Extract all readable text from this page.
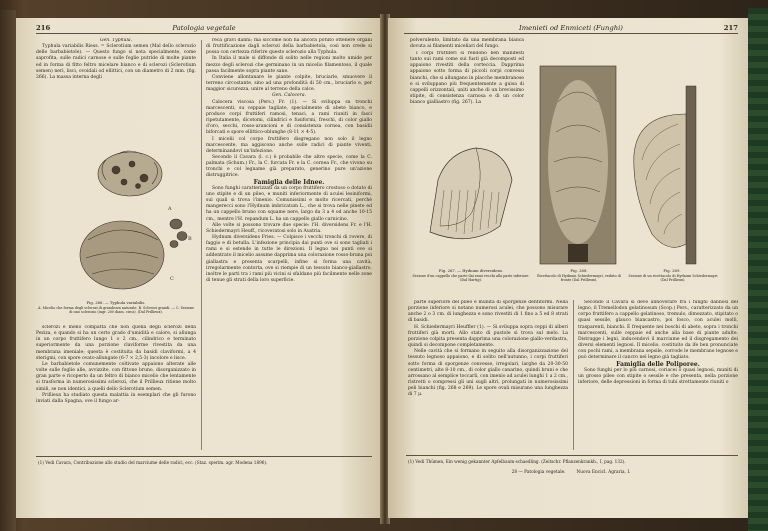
216	Patologia vegetale

Gen. Typhula.

Typhula variabilis Riess. = Sclerotium semen (Mal dello sclerozio delle barbabietole). — Questo fungo si nota specialmente, come saprofita, sulle radici carnose e sulle foglie putride di molte piante ed in forma di fitto feltro micelare bianco e di sclerozi (Sclerotium semen) neri, lisci, ovoidali od ellittici, con un diametro di 2 mm. (fig. 266). La massa interna degli

A
B
C
Fig. 266. — Typhula variabilis.
A. Micelio che forma degli sclerozi di grandezza naturale. B. Sclerozi grandi. — C. Sezione di uno sclerozio (ingr. 200 diam. circa). (Dal Prillieux).

sclerozi è meno compatta che non quella degli sclerozi della Peziza, e quando si ha un certo grado d'umidità e calore, si allunga in un corpo fruttifero lungo 1 o 2 cm., cilindrico e terminato superiormente da una porzione claviforme rivestita da una membrana imeniale; questa è costituita da basidi claviformi, a 4 sterigmi, con spore ovato-allungate (6-7 × 2,5-3) incolore e lisce.

Le barbabietole comunemente coltivate appaiono alterate alle volte sulle foglie alle, avvizzite, con fittone bruno, disorganizzato in gran parte e ricoperto da un feltro di bianco micelio che lentamente si trasforma in numerosissimi sclerozi, che il Prillieux ritiene molto simili, se non identici, a quelli dello Sclerotium semen.

Prillieux ha studiato questa malattia in esemplari che gli furono inviati dalla Spagna, ove il fungo ar-

reca gravi danni; ma siccome non ha ancora potuto ottenere organi di fruttificazione dagli sclerozi della barbabietola, così non crede si possa con certezza riferire questo sclerozio alla Typhula.

In Italia il male si diffonde di solito nelle regioni molto umide per mezzo degli sclerozi che germinano in un micelio filamentoso, il quale passa facilmente sopra piante sane.

Conviene allontanare le piante colpite, bruciarle, smuovere il terreno circostante, sino ad una profondità di 50 cm., bruciarlo e, per maggior sicurezza, unire al terreno della calce.

Gen. Calocera.

Calocera viscosa (Pers.) Fr. (1). — Si sviluppa su tronchi marcescenti, su ceppaie tagliate, specialmente di abete bianco, e produce corpi fruttiferi ramosi, tenaci, a rami riuniti in fasci ripetutamente, dicotomi, cilindrici e fusiformi, freschi, di color giallo d'oro, secchi, rosso-arancioni e di consistenza cornea, con basidii biforcati e spore ellittico-oblunghe (8-11 × 4-5).

I micelii col corpo fruttifero disgregano non solo il legno marcescente, ma aggiscono anche sulle radici di piante viventi, determinandovi un'infezione.

Secondo il Cavara (l. c.) è probabile che altre specie, come la C. palmata (Schum.) Fr., la C. furcata Fr. e la C. cornea Fr., che vivono su tronchi e col legname già preparato, generino pure un'azione distruggitrice.

Famiglia delle Idnee.

Sono funghi caratterizzati da un corpo fruttifero crostoso o dotato di uno stipite e di un pileo, e muniti inferiormente di aculei lesiniformi, sui quali si trova l'imenio. Comunissimi e molto ricercati, perchè mangerecci sono l'Hydnum imbricatum L., che si trova nelle pinete ed ha un cappello bruno con squame nere, largo da 3 a 4 od anche 10-15 cm., mentre l'H. repandum L. ha un cappello giallo carnicino.

Alle volte si possono trovare due specie: l'H. diversidens Fr. e l'H. Schiedermayri Heuff., ricoveratosi solo in Austria.

Hydnum diversidens Fries. — Colpisce i vecchi tronchi di rovere, di faggio e di betulla. L'infezione principia dai punti ove si sono tagliati i rami e si estende in tutte le direzioni. Il legno nei punti ove si addentrato il micelio assume dapprima una colorazione rosso-bruna poi giallastra e presenta scarpelli, infine si forma una cavità, irregolarmente contorta, ove si riempie di un tessuto bianco-giallastro, inoltre le parti tra i rami più vicini si sfaldano più facilmente nelle zone di tenue gli strati della loro superficie.

(1) Vedi Cavara, Contribuzione allo studio del marciume delle radici, ecc. (Staz. sperim. agr. Modena 1896).
Imenieti od Enmiceti (Funghi)	217

polverulento, limitato da una membrana bianca dovuta ai filamenti miceliari del fungo.

I corpi fruttiferi si rendono ben manifesti tanto sui rami come sui fusti già decomposti ed appaiono rivestiti della corteccia. Dapprima appaiono sotto forma di piccoli corpi convessi bianchi, che si allungano in placche membranose e si sviluppano più frequentemente a guisa di cappelli orizzontali, uniti anche di un brevissimo stipite, di consistenza carnosa e di un color bianco gialliastro (fig. 267). La

Fig. 267. — Hydnum diversidens.
Sezione d'un cappello che parte dai rami vecchi alla parte inferiore. (Dal Hartig).
Fig. 268.
Ricettacolo di Hydnum Schiedermayri, veduto di fronte (Dal Prillieux).
Fig. 269.
Sezione di un ricettacolo di Hydnum Schiedermayri (Dal Prillieux).

parte superiore del pileo è munita di sporgenze dentiformi. Nella porzione inferiore si notano numerosi aculei, che possono misurare anche 2 o 3 cm. di lunghezza e sono rivestiti di 1 fino a 5 ed 8 strati di basidi.

H. Schiedermayri Heuffler (1). — Si sviluppa sopra ceppi di alberi fruttiferi già morti. Allo stato di pustole si trova sul melo. La porzione colpita presenta dapprima una colorazione giallo-verdastra, quindi si decompone completamente.

Nelle cavità che si formano in seguito alla disorganizzazione del tessuto legnoso appaiono, e di solito nell'autunno, i corpi fruttiferi sotto forma di sporgenze convesse, irregolari, larghe da 20-30-50 centimetri, alte 8-10 cm., di color giallo canarino, quindi bruni e che arrossano al semplice toccarli, con imenio ad aculei lunghi 1 a 2 cm., ristretti o compressi gli uni sugli altri, prolungati in numerosissimi peli bianchi (fig. 268 e 269). Le spore ovali misurano una lunghezza di 7 μ.

Secondo il Cavara si deve annoverare fra i funghi dannosi del legno, il Tremellodon gelatinosum (Scop.) Pers., caratterizzato da un corpo fruttifero a cappello gelatinoso, tremulo, dimezzato, stipitato o quasi sessile, glauco biancastro, poi fosco, con aculei molli, trasparenti, bianchi. È frequente nei boschi di abete, sopra i tronchi marcescenti, sulle ceppaie ed anche alla base di piante adulte. Distrugge i legni, inducendovi il marciume ed il disgregamento dei diversi elementi legnosi. Il micelio, costituito da ife ben pronunciate con pochi rami, a membrana sepsile, corrode le membrane legnose e può determinare il cancro nel legno già tagliato.

Famiglia delle Poliporee.

Sono funghi per lo più carnosi, coriacei o quasi legnosi, muniti di un grosso pileo con stipite o sessile e che presenta, nella porzione inferiore, delle depressioni in forma di tubi strettamente riuniti o

(1) Vedi Thümen, Ein wenig gekannter Apfelbaum-schaedling. (Zeitschr. Pflanzenkrankh., I, pag. 132).
28 — Patologia vegetale.        Nuova Encicl. Agraria, I.
